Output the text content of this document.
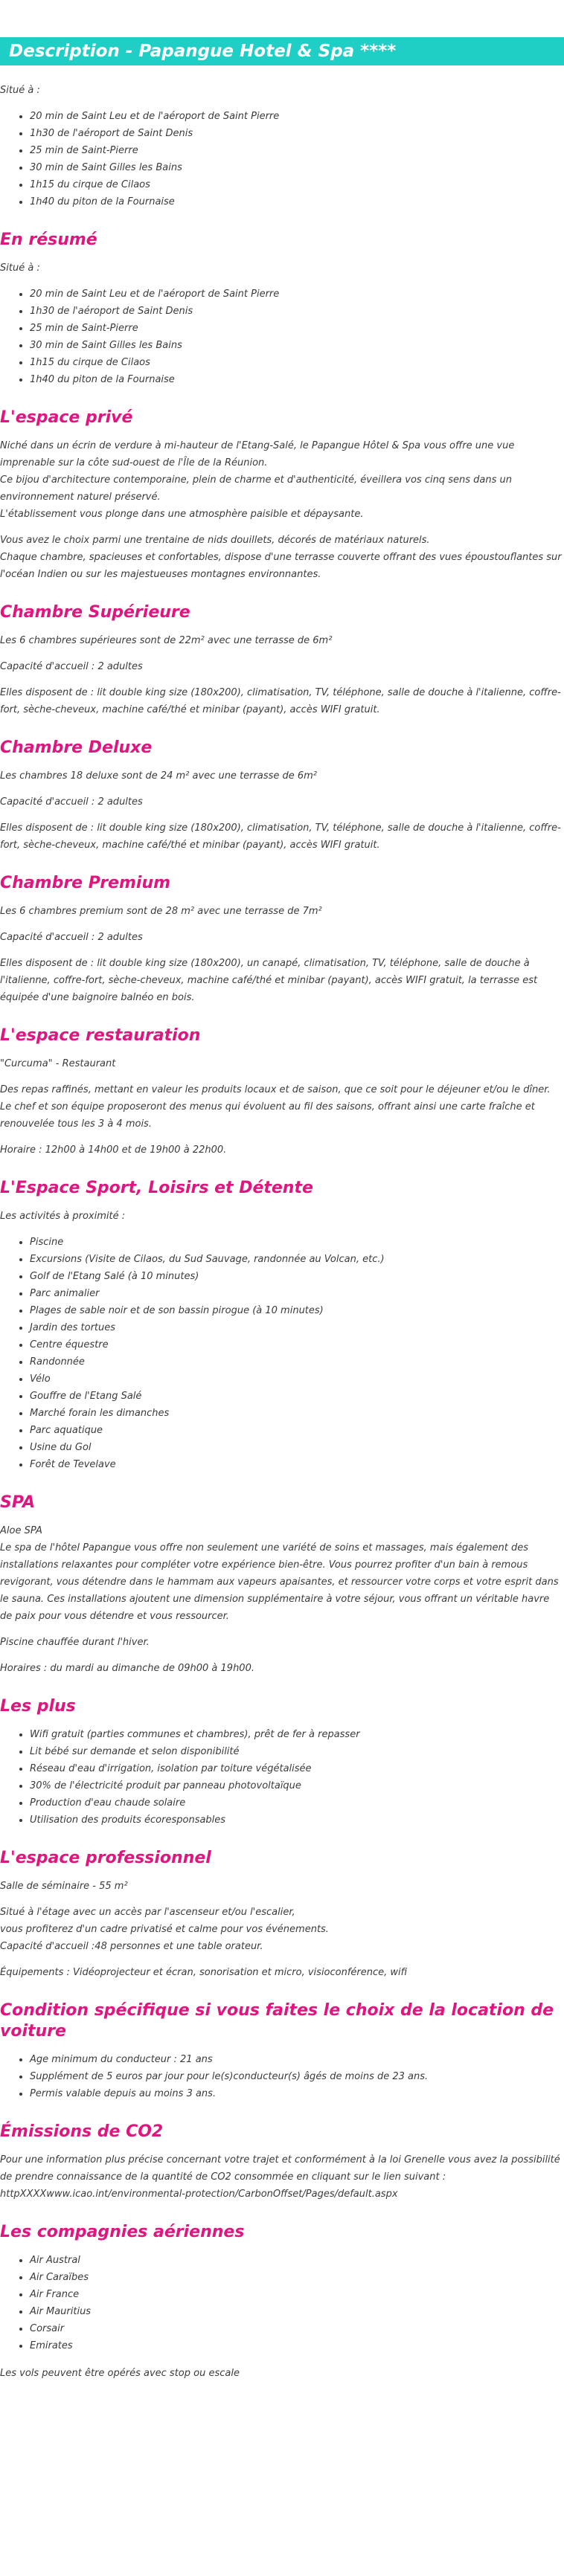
Description - Papangue Hotel & Spa ****

Situé à :

• 20 min de Saint Leu et de l'aéroport de Saint Pierre
• 1h30 de l'aéroport de Saint Denis
• 25 min de Saint-Pierre
• 30 min de Saint Gilles les Bains
• 1h15 du cirque de Cilaos
• 1h40 du piton de la Fournaise
En résumé

Situé à :

• 20 min de Saint Leu et de l'aéroport de Saint Pierre
• 1h30 de l'aéroport de Saint Denis
• 25 min de Saint-Pierre
• 30 min de Saint Gilles les Bains
• 1h15 du cirque de Cilaos
• 1h40 du piton de la Fournaise
L'espace privé

Niché dans un écrin de verdure à mi-hauteur de l'Etang-Salé, le Papangue Hôtel & Spa vous offre une vue imprenable sur la côte sud-ouest de l'Île de la Réunion.

Ce bijou d'architecture contemporaine, plein de charme et d'authenticité, éveillera vos cinq sens dans un environnement naturel préservé.

L'établissement vous plonge dans une atmosphère paisible et dépaysante.

Vous avez le choix parmi une trentaine de nids douillets, décorés de matériaux naturels.

Chaque chambre, spacieuses et confortables, dispose d'une terrasse couverte offrant des vues époustouflantes sur l'océan Indien ou sur les majestueuses montagnes environnantes.

Chambre Supérieure

Les 6 chambres supérieures sont de 22m² avec une terrasse de 6m²

Capacité d'accueil : 2 adultes

Elles disposent de : lit double king size (180x200), climatisation, TV, téléphone, salle de douche à l'italienne, coffre-fort, sèche-cheveux, machine café/thé et minibar (payant), accès WIFI gratuit.

Chambre Deluxe

Les chambres 18 deluxe sont de 24 m² avec une terrasse de 6m²

Capacité d'accueil : 2 adultes

Elles disposent de : lit double king size (180x200), climatisation, TV, téléphone, salle de douche à l'italienne, coffre-fort, sèche-cheveux, machine café/thé et minibar (payant), accès WIFI gratuit.

Chambre Premium

Les 6 chambres premium sont de 28 m² avec une terrasse de 7m²

Capacité d'accueil : 2 adultes

Elles disposent de : lit double king size (180x200), un canapé, climatisation, TV, téléphone, salle de douche à l'italienne, coffre-fort, sèche-cheveux, machine café/thé et minibar (payant), accès WIFI gratuit, la terrasse est équipée d'une baignoire balnéo en bois.

L'espace restauration

"Curcuma" - Restaurant

Des repas raffinés, mettant en valeur les produits locaux et de saison, que ce soit pour le déjeuner et/ou le dîner.

Le chef et son équipe proposeront des menus qui évoluent au fil des saisons, offrant ainsi une carte fraîche et renouvelée tous les 3 à 4 mois.

Horaire : 12h00 à 14h00 et de 19h00 à 22h00.

L'Espace Sport, Loisirs et Détente

Les activités à proximité :

• Piscine
• Excursions (Visite de Cilaos, du Sud Sauvage, randonnée au Volcan, etc.)
• Golf de l'Etang Salé (à 10 minutes)
• Parc animalier
• Plages de sable noir et de son bassin pirogue (à 10 minutes)
• Jardin des tortues
• Centre équestre
• Randonnée
• Vélo
• Gouffre de l'Etang Salé
• Marché forain les dimanches
• Parc aquatique
• Usine du Gol
• Forêt de Tevelave
SPA

Aloe SPA

Le spa de l'hôtel Papangue vous offre non seulement une variété de soins et massages, mais également des installations relaxantes pour compléter votre expérience bien-être. Vous pourrez profiter d'un bain à remous revigorant, vous détendre dans le hammam aux vapeurs apaisantes, et ressourcer votre corps et votre esprit dans le sauna. Ces installations ajoutent une dimension supplémentaire à votre séjour, vous offrant un véritable havre de paix pour vous détendre et vous ressourcer.

Piscine chauffée durant l'hiver.

Horaires : du mardi au dimanche de 09h00 à 19h00.

Les plus
• Wifi gratuit (parties communes et chambres), prêt de fer à repasser
• Lit bébé sur demande et selon disponibilité
• Réseau d'eau d'irrigation, isolation par toiture végétalisée
• 30% de l'électricité produit par panneau photovoltaïque
• Production d'eau chaude solaire
• Utilisation des produits écoresponsables
L'espace professionnel

Salle de séminaire - 55 m²

Situé à l'étage avec un accès par l'ascenseur et/ou l'escalier,

vous profiterez d'un cadre privatisé et calme pour vos événements.

Capacité d'accueil :48 personnes et une table orateur.

Équipements : Vidéoprojecteur et écran, sonorisation et micro, visioconférence, wifi

Condition spécifique si vous faites le choix de la location de voiture
• Age minimum du conducteur : 21 ans
• Supplément de 5 euros par jour pour le(s)conducteur(s) âgés de moins de 23 ans.
• Permis valable depuis au moins 3 ans.
Émissions de CO2

Pour une information plus précise concernant votre trajet et conformément à la loi Grenelle vous avez la possibilité de prendre connaissance de la quantité de CO2 consommée en cliquant sur le lien suivant :

httpXXXXwww.icao.int/environmental-protection/CarbonOffset/Pages/default.aspx

Les compagnies aériennes
• Air Austral
• Air Caraïbes
• Air France
• Air Mauritius
• Corsair
• Emirates

Les vols peuvent être opérés avec stop ou escale
